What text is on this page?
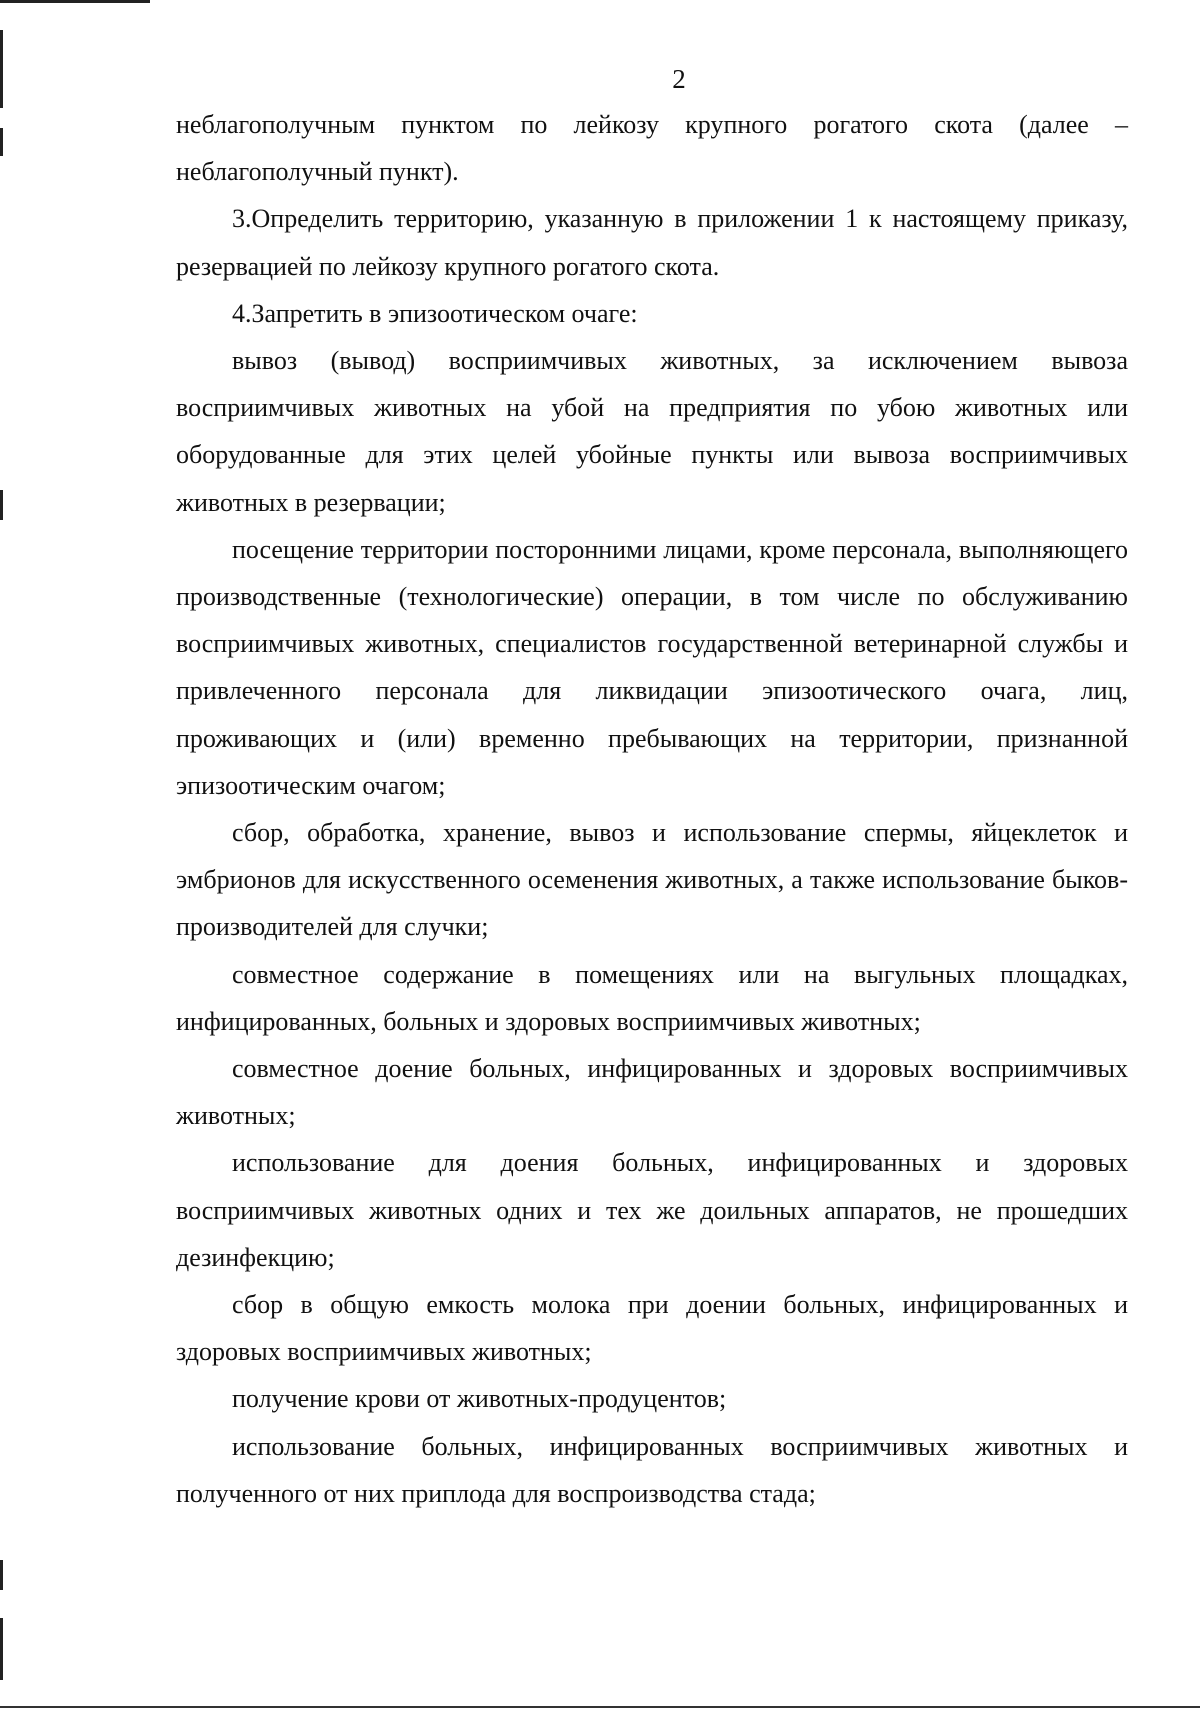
2

неблагополучным пунктом по лейкозу крупного рогатого скота (далее – неблагополучный пункт).

3.Определить территорию, указанную в приложении 1 к настоящему приказу, резервацией по лейкозу крупного рогатого скота.

4.Запретить в эпизоотическом очаге:

вывоз (вывод) восприимчивых животных, за исключением вывоза восприимчивых животных на убой на предприятия по убою животных или оборудованные для этих целей убойные пункты или вывоза восприимчивых животных в резервации;

посещение территории посторонними лицами, кроме персонала, выполняющего производственные (технологические) операции, в том числе по обслуживанию восприимчивых животных, специалистов государственной ветеринарной службы и привлеченного персонала для ликвидации эпизоотического очага, лиц, проживающих и (или) временно пребывающих на территории, признанной эпизоотическим очагом;

сбор, обработка, хранение, вывоз и использование спермы, яйцеклеток и эмбрионов для искусственного осеменения животных, а также использование быков-производителей для случки;

совместное содержание в помещениях или на выгульных площадках, инфицированных, больных и здоровых восприимчивых животных;

совместное доение больных, инфицированных и здоровых восприимчивых животных;

использование для доения больных, инфицированных и здоровых восприимчивых животных одних и тех же доильных аппаратов, не прошедших дезинфекцию;

сбор в общую емкость молока при доении больных, инфицированных и здоровых восприимчивых животных;

получение крови от животных-продуцентов;

использование больных, инфицированных восприимчивых животных и полученного от них приплода для воспроизводства стада;
